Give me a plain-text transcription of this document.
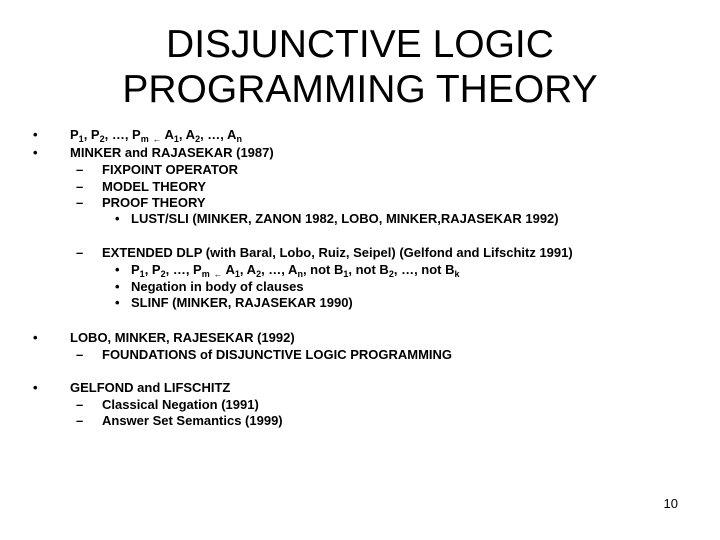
DISJUNCTIVE LOGIC
PROGRAMMING THEORY
• $P_1$, $P_2$, …, $P_m$ $_\leftarrow$ $A_1$, $A_2$, …, $A_n$
• MINKER and RAJASEKAR (1987)
– FIXPOINT OPERATOR
– MODEL THEORY
– PROOF THEORY
• LUST/SLI (MINKER, ZANON 1982, LOBO, MINKER,RAJASEKAR 1992)
– EXTENDED DLP (with Baral, Lobo, Ruiz, Seipel) (Gelfond and Lifschitz 1991)
• $P_1$, $P_2$, …, $P_m$ $_\leftarrow$ $A_1$, $A_2$, …, $A_n$, not $B_1$, not $B_2$, …, not $B_k$
• Negation in body of clauses
• SLINF (MINKER, RAJASEKAR 1990)
• LOBO, MINKER, RAJESEKAR (1992)
– FOUNDATIONS of DISJUNCTIVE LOGIC PROGRAMMING
• GELFOND and LIFSCHITZ
– Classical Negation (1991)
– Answer Set Semantics (1999)
10
